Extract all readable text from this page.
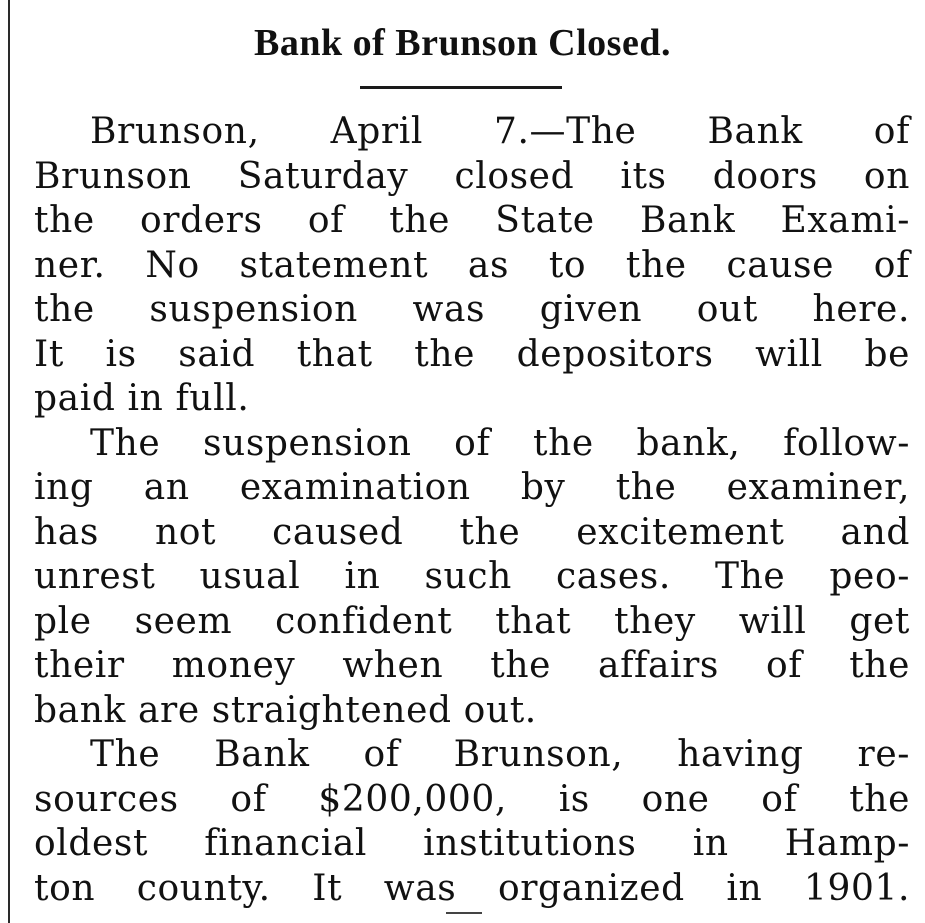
Bank of Brunson Closed.
Brunson, April 7.—The Bank of
Brunson Saturday closed its doors on
the orders of the State Bank Exami-
ner. No statement as to the cause of
the suspension was given out here.
It is said that the depositors will be
paid in full.
The suspension of the bank, follow-
ing an examination by the examiner,
has not caused the excitement and
unrest usual in such cases. The peo-
ple seem confident that they will get
their money when the affairs of the
bank are straightened out.
The Bank of Brunson, having re-
sources of $200,000, is one of the
oldest financial institutions in Hamp-
ton county. It was organized in 1901.
